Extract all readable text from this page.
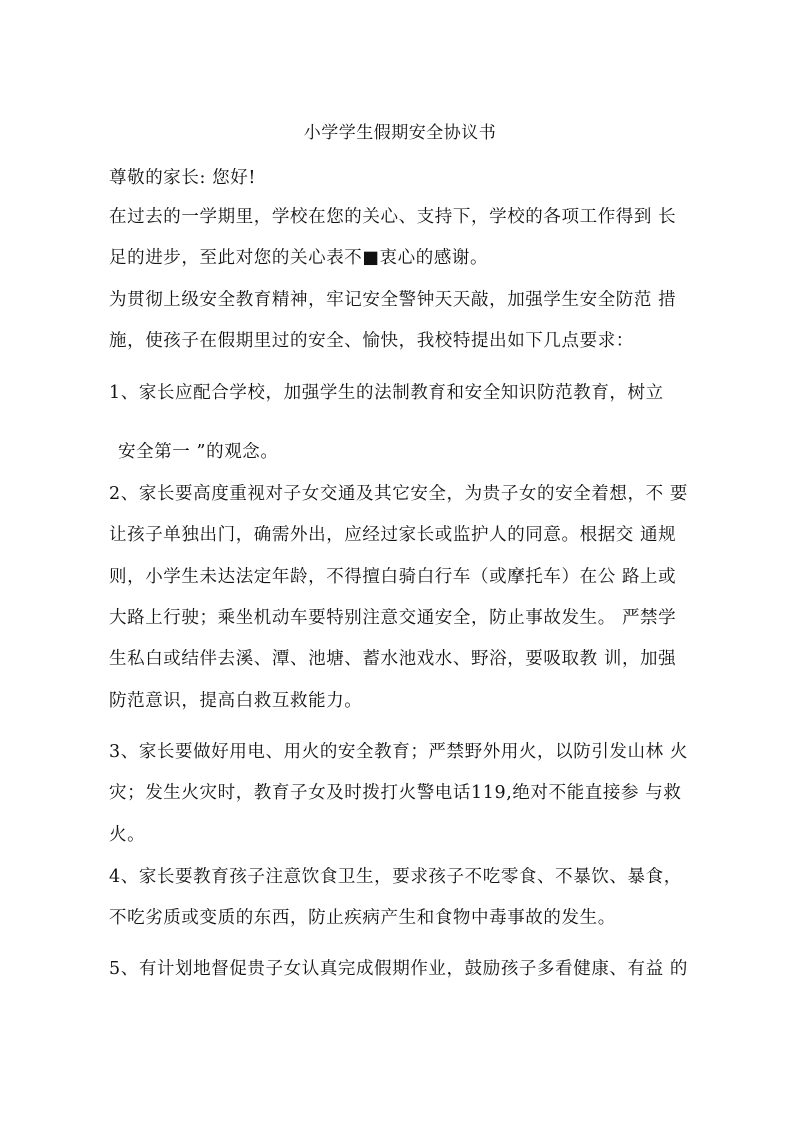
小学学生假期安全协议书
尊敬的家长: 您好!
在过去的一学期里，学校在您的关心、支持下，学校的各项工作得到 长
足的进步，至此对您的关心表不■衷心的感谢。
为贯彻上级安全教育精神，牢记安全警钟天天敲，加强学生安全防范 措
施，使孩子在假期里过的安全、愉快，我校特提出如下几点要求：
1、家长应配合学校，加强学生的法制教育和安全知识防范教育，树立
安全第一 ”的观念。
2、家长要高度重视对子女交通及其它安全，为贵子女的安全着想，不 要
让孩子单独出门，确需外出，应经过家长或监护人的同意。根据交 通规
则，小学生未达法定年龄，不得擅白骑白行车（或摩托车）在公 路上或
大路上行驶；乘坐机动车要特别注意交通安全，防止事故发生。 严禁学
生私白或结伴去溪、潭、池塘、蓄水池戏水、野浴，要吸取教 训，加强
防范意识，提高白救互救能力。
3、家长要做好用电、用火的安全教育；严禁野外用火，以防引发山林 火
灾；发生火灾时，教育子女及时拨打火警电话119,绝对不能直接参 与救
火。
4、家长要教育孩子注意饮食卫生，要求孩子不吃零食、不暴饮、暴食，
不吃劣质或变质的东西，防止疾病产生和食物中毒事故的发生。
5、有计划地督促贵子女认真完成假期作业，鼓励孩子多看健康、有益 的
